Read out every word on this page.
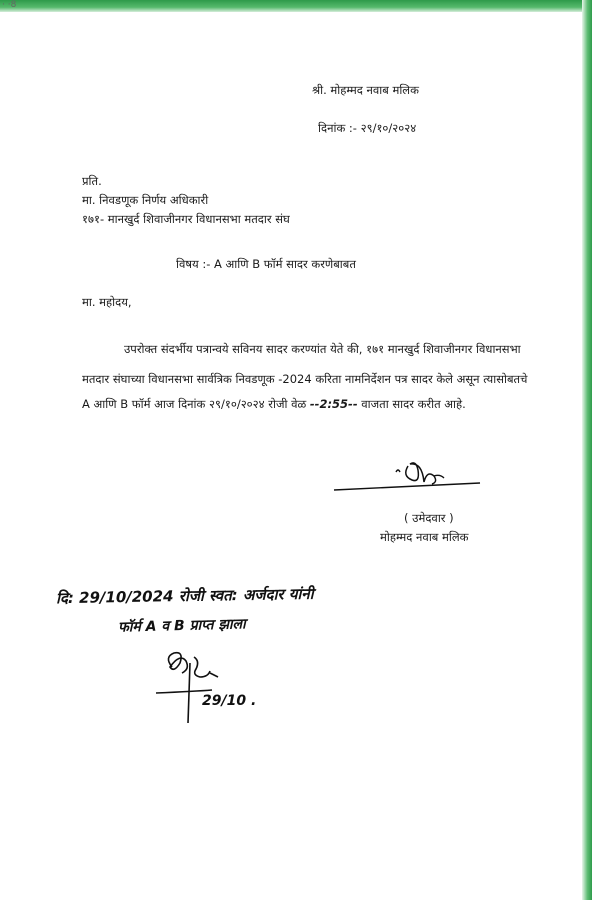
· ·8
श्री. मोहम्मद नवाब मलिक
दिनांक :- २९/१०/२०२४
प्रति.
मा. निवडणूक निर्णय अधिकारी
१७१- मानखुर्द शिवाजीनगर विधानसभा मतदार संघ
विषय :- A आणि B फॉर्म सादर करणेबाबत
मा. महोदय,
उपरोक्त संदर्भीय पत्रान्वये सविनय सादर करण्यांत येते की, १७१ मानखुर्द शिवाजीनगर विधानसभा
मतदार संघाच्या विधानसभा सार्वत्रिक निवडणूक -2024 करिता नामनिर्देशन पत्र सादर केले असून त्यासोबतचे
A आणि B फॉर्म आज दिनांक २९/१०/२०२४ रोजी वेळ --2:55-- वाजता सादर करीत आहे.
( उमेदवार )
मोहम्मद नवाब मलिक
दि: 29/10/2024 रोजी स्वत: अर्जदार यांनी
फॉर्म A व B प्राप्त झाला
29/10 .
